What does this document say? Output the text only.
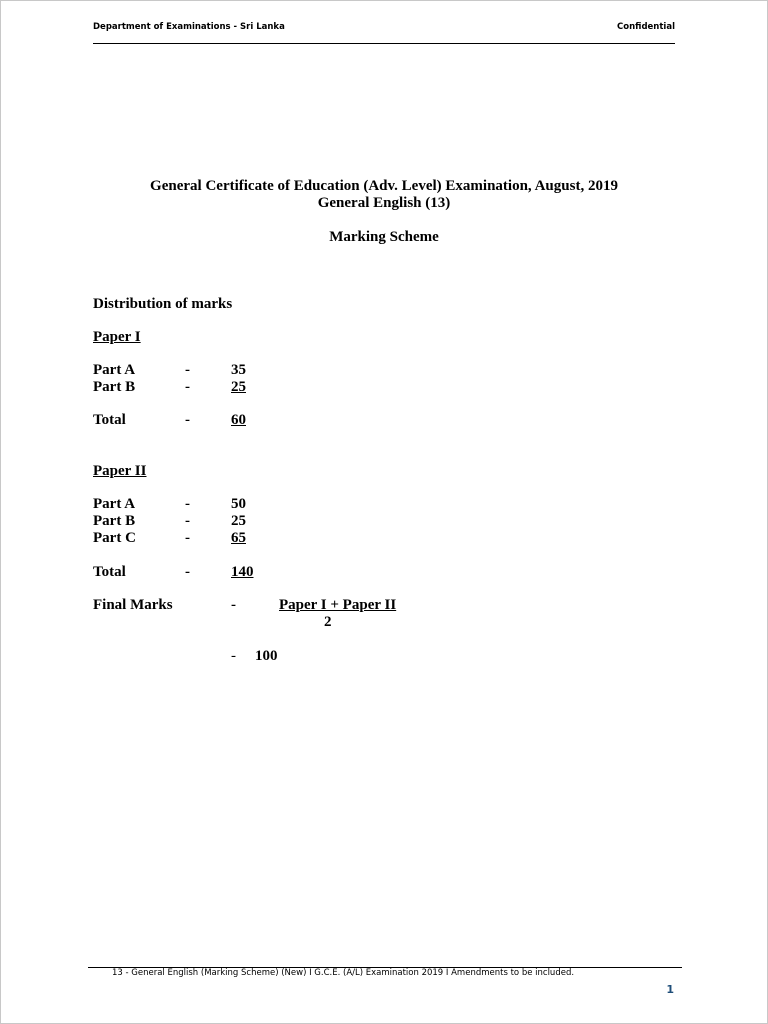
Department of Examinations - Sri Lanka	Confidential
General Certificate of Education (Adv. Level) Examination, August, 2019
General English (13)
Marking Scheme
Distribution of marks
Paper I
Part A	-	35
Part B	-	25
Total	-	60
Paper II
Part A	-	50
Part B	-	25
Part C	-	65
Total	-	140
Final Marks	-	Paper I + Paper II
2
- 100
13 - General English (Marking Scheme) (New) I G.C.E. (A/L) Examination 2019 I Amendments to be included.
1
